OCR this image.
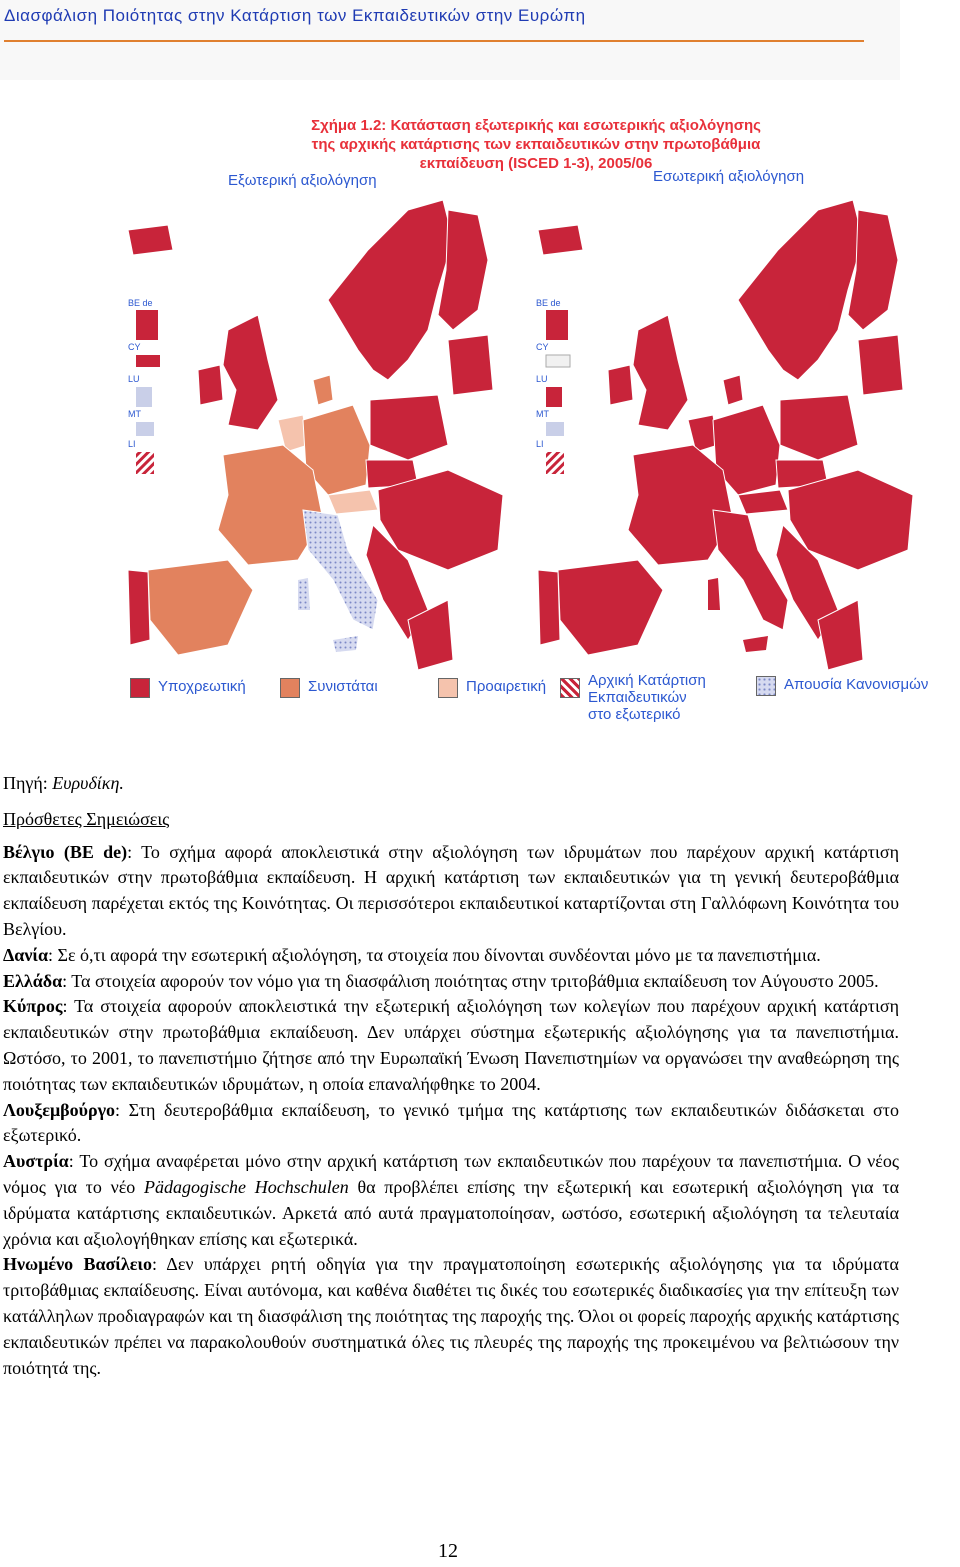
Διασφάλιση Ποιότητας στην Κατάρτιση των Εκπαιδευτικών στην Ευρώπη
BE de
CY
LU
MT
LI
BE de
CY
LU
MT
LI
Σχήμα 1.2: Κατάσταση εξωτερικής και εσωτερικής αξιολόγησης
της αρχικής κατάρτισης των εκπαιδευτικών στην πρωτοβάθμια
εκπαίδευση (ISCED 1-3), 2005/06
Εξωτερική αξιολόγηση	Εσωτερική αξιολόγηση
Υποχρεωτική	Συνιστάται	Προαιρετική	Αρχική Κατάρτιση
Εκπαιδευτικών
στο εξωτερικό
Απουσία Κανονισμών

Πηγή: Ευρυδίκη.

Πρόσθετες Σημειώσεις

Βέλγιο (BE de): Το σχήμα αφορά αποκλειστικά στην αξιολόγηση των ιδρυμάτων που παρέχουν αρχική κατάρτιση εκπαιδευτικών στην πρωτοβάθμια εκπαίδευση. Η αρχική κατάρτιση των εκπαιδευτικών για τη γενική δευτεροβάθμια εκπαίδευση παρέχεται εκτός της Κοινότητας. Οι περισσότεροι εκπαιδευτικοί καταρτίζονται στη Γαλλόφωνη Κοινότητα του Βελγίου.

Δανία: Σε ό,τι αφορά την εσωτερική αξιολόγηση, τα στοιχεία που δίνονται συνδέονται μόνο με τα πανεπιστήμια.

Ελλάδα: Τα στοιχεία αφορούν τον νόμο για τη διασφάλιση ποιότητας στην τριτοβάθμια εκπαίδευση τον Αύγουστο 2005.

Κύπρος: Τα στοιχεία αφορούν αποκλειστικά την εξωτερική αξιολόγηση των κολεγίων που παρέχουν αρχική κατάρτιση εκπαιδευτικών στην πρωτοβάθμια εκπαίδευση. Δεν υπάρχει σύστημα εξωτερικής αξιολόγησης για τα πανεπιστήμια. Ωστόσο, το 2001, το πανεπιστήμιο ζήτησε από την Ευρωπαϊκή Ένωση Πανεπιστημίων να οργανώσει την αναθεώρηση της ποιότητας των εκπαιδευτικών ιδρυμάτων, η οποία επαναλήφθηκε το 2004.

Λουξεμβούργο: Στη δευτεροβάθμια εκπαίδευση, το γενικό τμήμα της κατάρτισης των εκπαιδευτικών διδάσκεται στο εξωτερικό.

Αυστρία: Το σχήμα αναφέρεται μόνο στην αρχική κατάρτιση των εκπαιδευτικών που παρέχουν τα πανεπιστήμια. Ο νέος νόμος για το νέο Pädagogische Hochschulen θα προβλέπει επίσης την εξωτερική και εσωτερική αξιολόγηση για τα ιδρύματα κατάρτισης εκπαιδευτικών. Αρκετά από αυτά πραγματοποίησαν, ωστόσο, εσωτερική αξιολόγηση τα τελευταία χρόνια και αξιολογήθηκαν επίσης και εξωτερικά.

Ηνωμένο Βασίλειο: Δεν υπάρχει ρητή οδηγία για την πραγματοποίηση εσωτερικής αξιολόγησης για τα ιδρύματα τριτοβάθμιας εκπαίδευσης. Είναι αυτόνομα, και καθένα διαθέτει τις δικές του εσωτερικές διαδικασίες για την επίτευξη των κατάλληλων προδιαγραφών και τη διασφάλιση της ποιότητας της παροχής της. Όλοι οι φορείς παροχής αρχικής κατάρτισης εκπαιδευτικών πρέπει να παρακολουθούν συστηματικά όλες τις πλευρές της παροχής της προκειμένου να βελτιώσουν την ποιότητά της.

12
